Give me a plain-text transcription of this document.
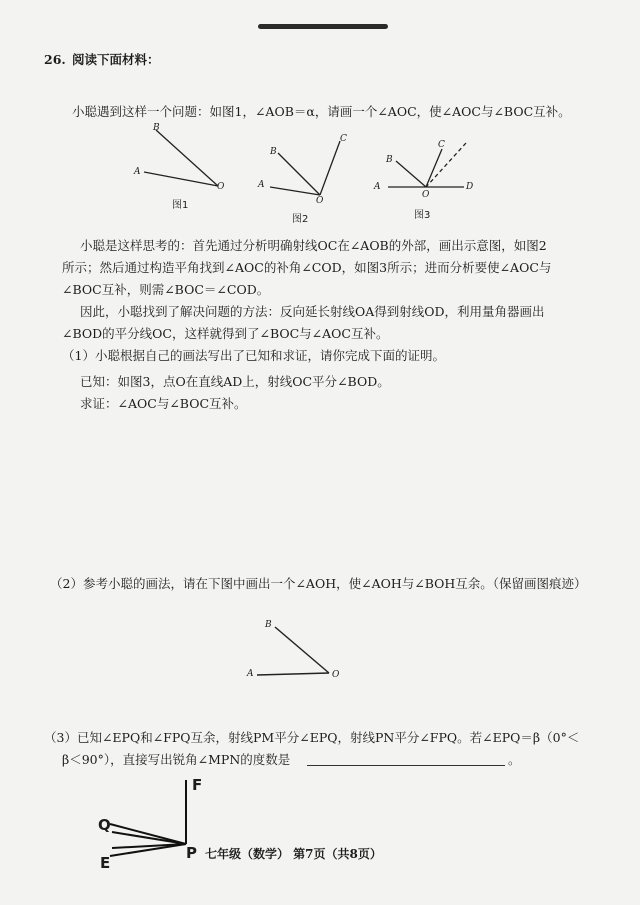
26. 阅读下面材料：
小聪遇到这样一个问题：如图1，∠AOB＝α，请画一个∠AOC，使∠AOC与∠BOC互补。
B
A
O
图1
B
C
A
O
图2
B
C
A
O
D
图3
小聪是这样思考的：首先通过分析明确射线OC在∠AOB的外部，画出示意图，如图2
所示；然后通过构造平角找到∠AOC的补角∠COD，如图3所示；进而分析要使∠AOC与
∠BOC互补，则需∠BOC＝∠COD。
因此，小聪找到了解决问题的方法：反向延长射线OA得到射线OD，利用量角器画出
∠BOD的平分线OC，这样就得到了∠BOC与∠AOC互补。
（1）小聪根据自己的画法写出了已知和求证，请你完成下面的证明。
已知：如图3，点O在直线AD上，射线OC平分∠BOD。
求证：∠AOC与∠BOC互补。
（2）参考小聪的画法，请在下图中画出一个∠AOH，使∠AOH与∠BOH互余。（保留画图痕迹）
B
A	O
（3）已知∠EPQ和∠FPQ互余，射线PM平分∠EPQ，射线PN平分∠FPQ。若∠EPQ＝β（0°＜
β＜90°），直接写出锐角∠MPN的度数是	。
F
Q
E
P 七年级（数学） 第7页（共8页）
